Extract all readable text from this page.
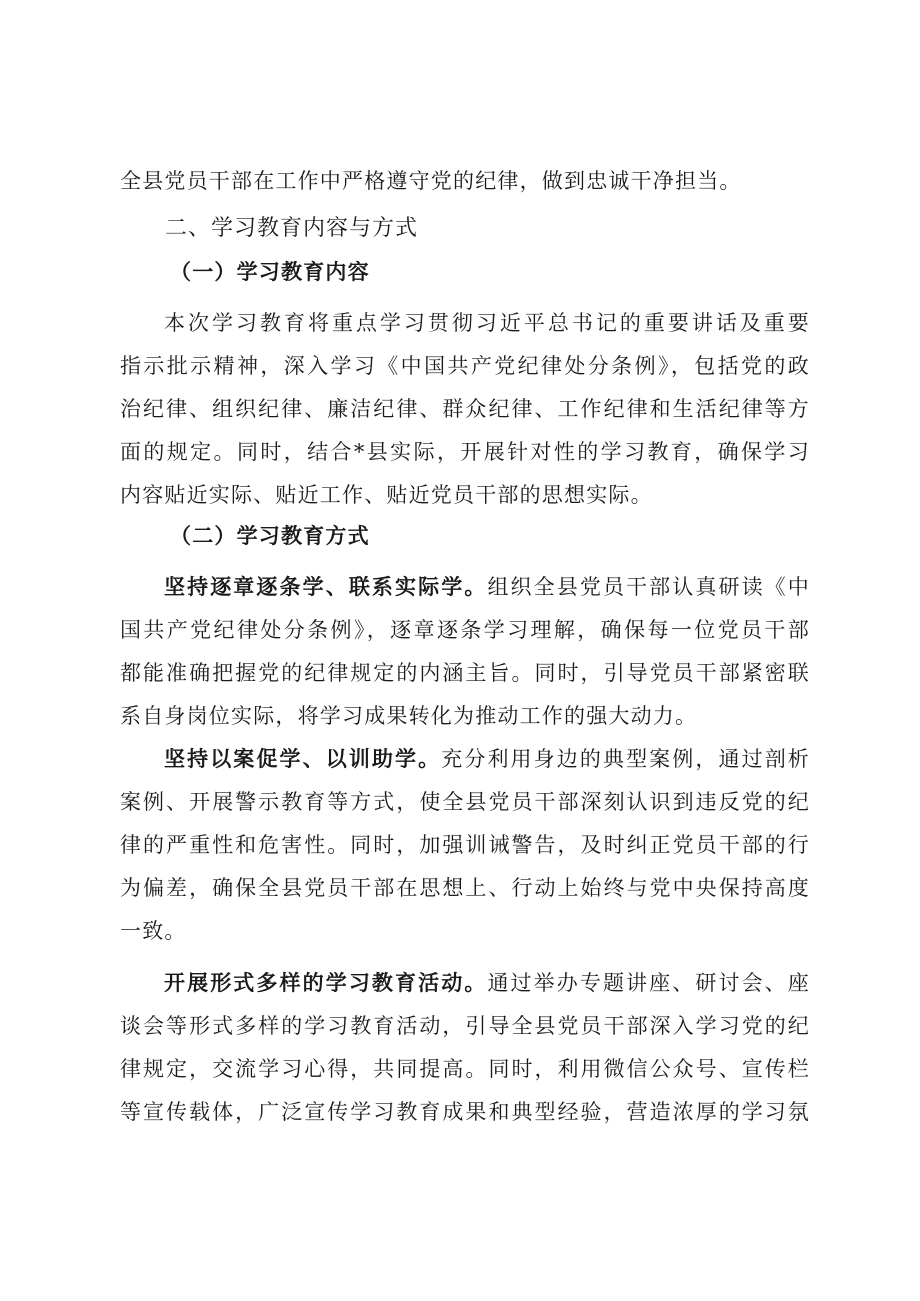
全县党员干部在工作中严格遵守党的纪律，做到忠诚干净担当。
二、学习教育内容与方式
（一）学习教育内容
本次学习教育将重点学习贯彻习近平总书记的重要讲话及重要
指示批示精神，深入学习《中国共产党纪律处分条例》，包括党的政
治纪律、组织纪律、廉洁纪律、群众纪律、工作纪律和生活纪律等方
面的规定。同时，结合*县实际，开展针对性的学习教育，确保学习
内容贴近实际、贴近工作、贴近党员干部的思想实际。
（二）学习教育方式
坚持逐章逐条学、联系实际学。组织全县党员干部认真研读《中
国共产党纪律处分条例》，逐章逐条学习理解，确保每一位党员干部
都能准确把握党的纪律规定的内涵主旨。同时，引导党员干部紧密联
系自身岗位实际，将学习成果转化为推动工作的强大动力。
坚持以案促学、以训助学。充分利用身边的典型案例，通过剖析
案例、开展警示教育等方式，使全县党员干部深刻认识到违反党的纪
律的严重性和危害性。同时，加强训诫警告，及时纠正党员干部的行
为偏差，确保全县党员干部在思想上、行动上始终与党中央保持高度
一致。
开展形式多样的学习教育活动。通过举办专题讲座、研讨会、座
谈会等形式多样的学习教育活动，引导全县党员干部深入学习党的纪
律规定，交流学习心得，共同提高。同时，利用微信公众号、宣传栏
等宣传载体，广泛宣传学习教育成果和典型经验，营造浓厚的学习氛
